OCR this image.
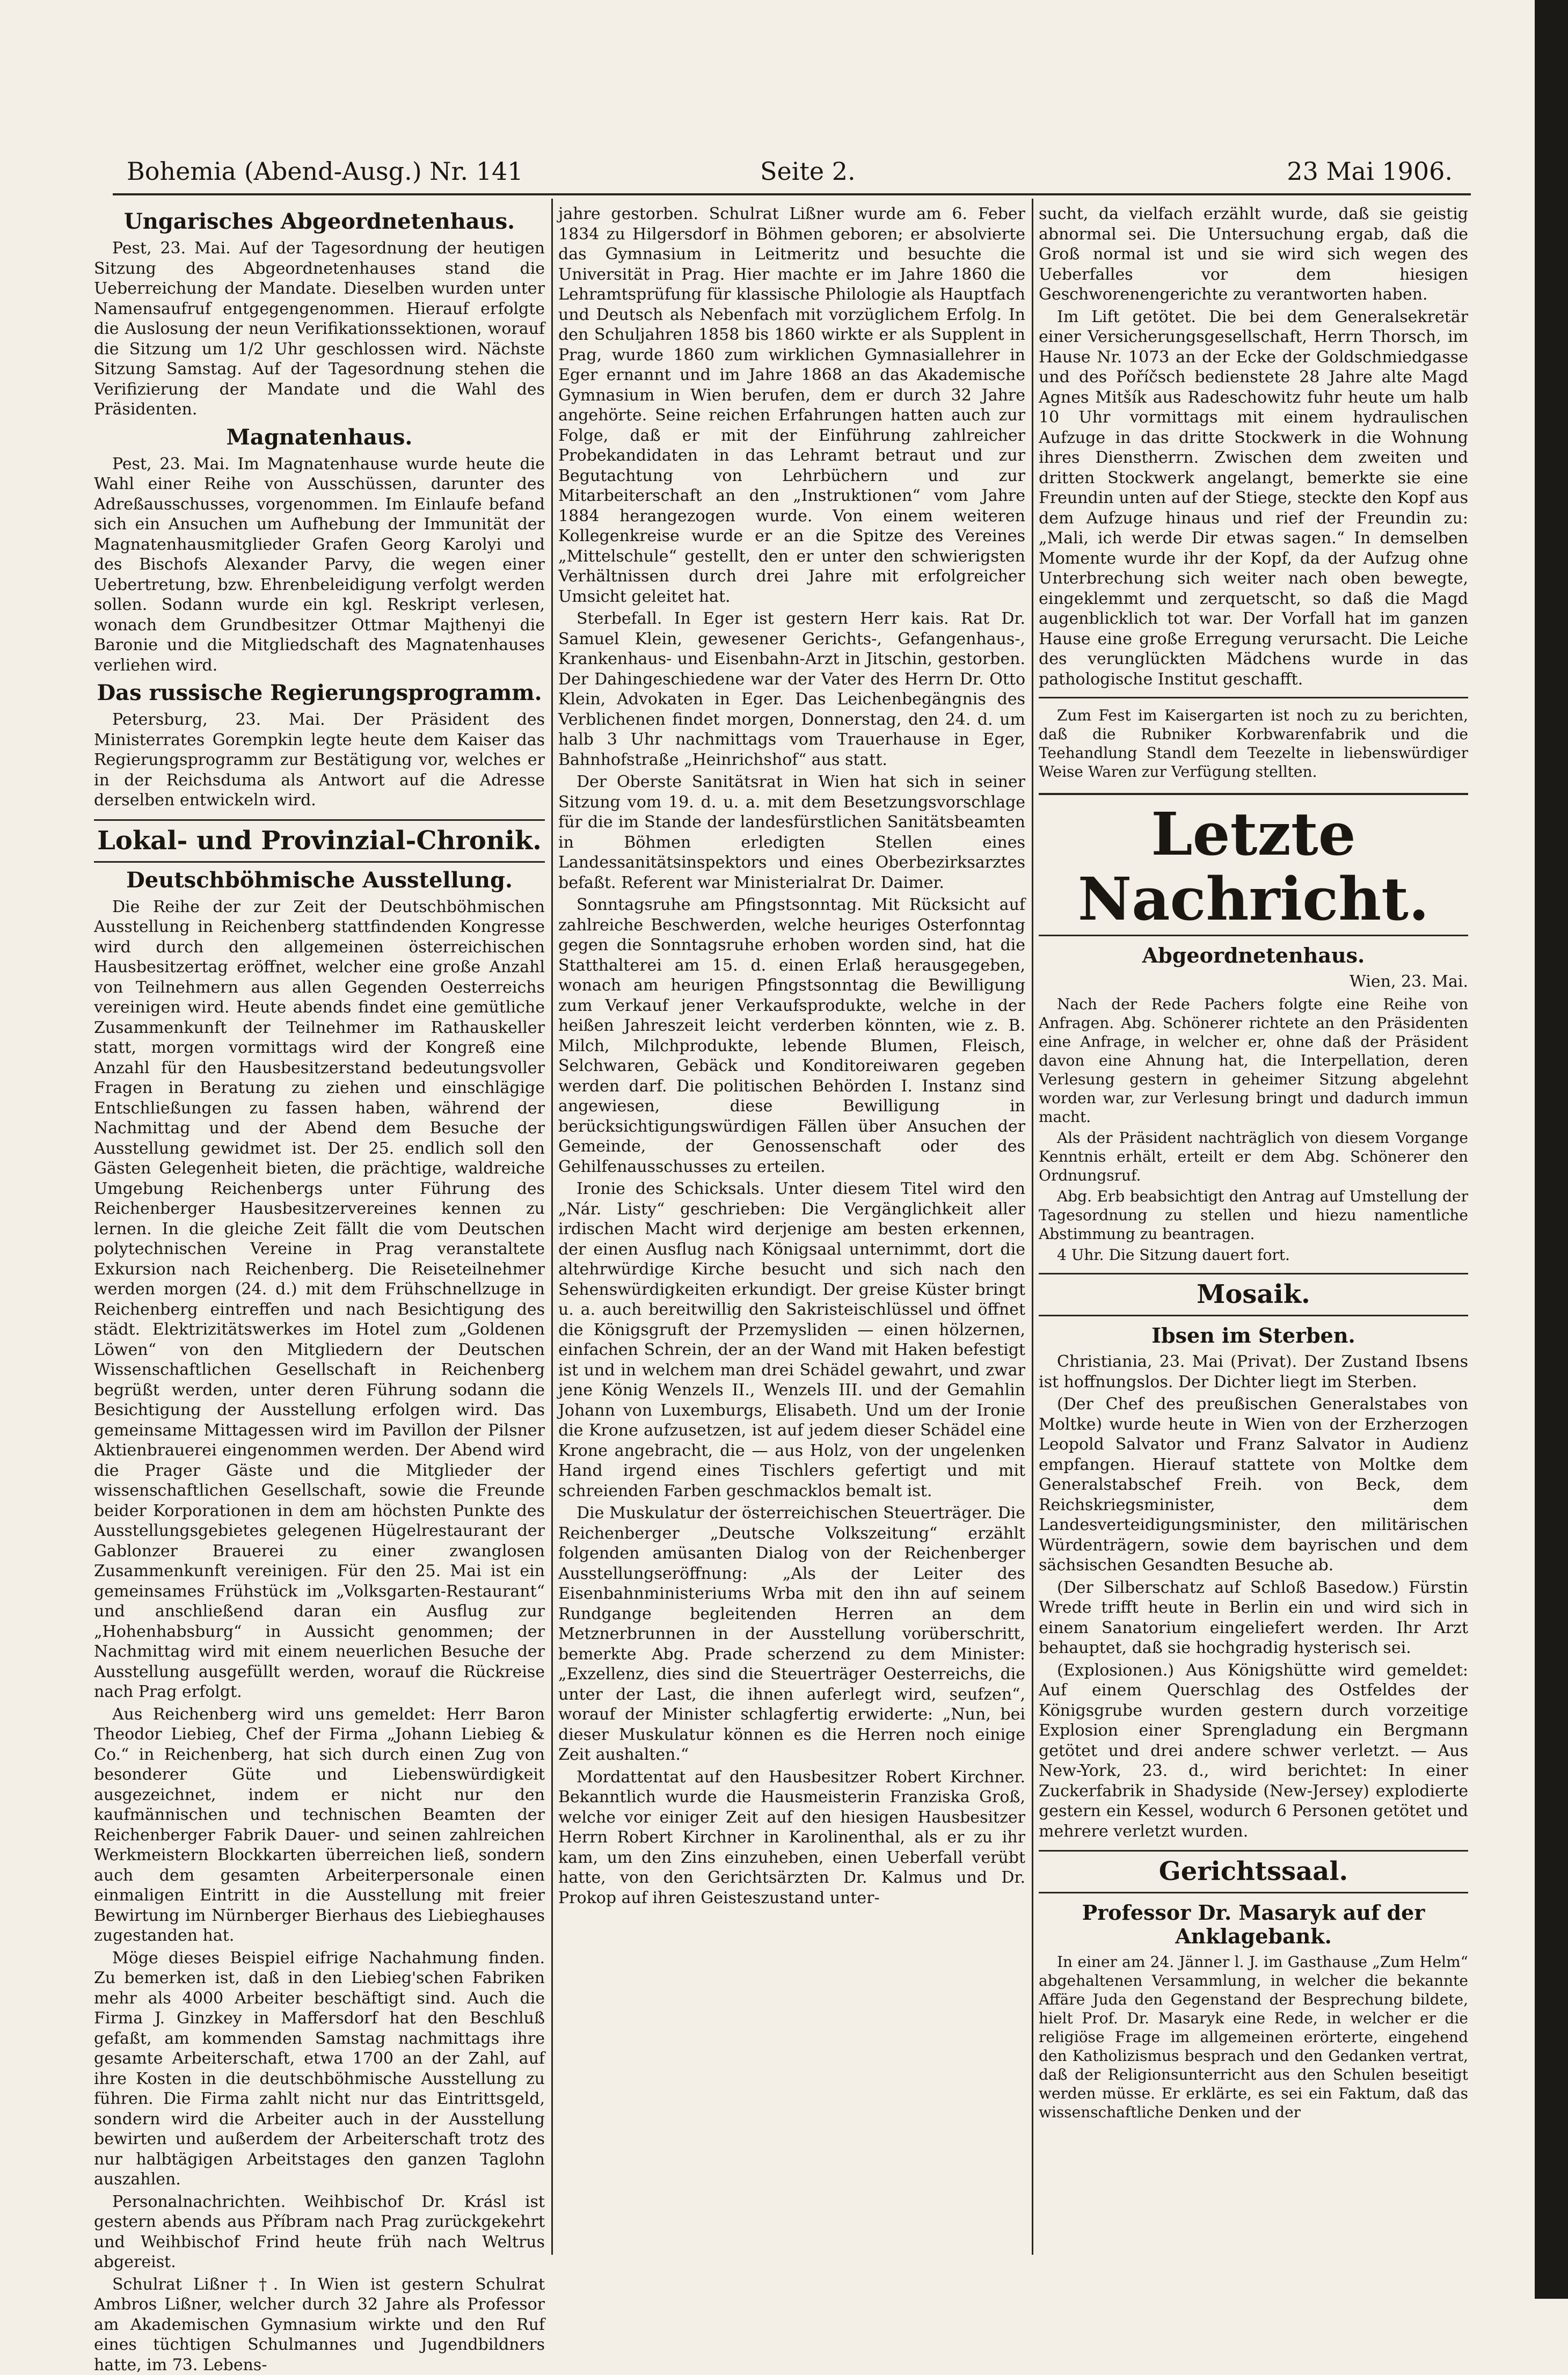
Bohemia (Abend-Ausg.) Nr. 141	Seite 2.	23 Mai 1906.
Ungarisches Abgeordnetenhaus.

Pest, 23. Mai. Auf der Tagesordnung der heutigen Sitzung des Abgeordnetenhauses stand die Ueberreichung der Mandate. Dieselben wurden unter Namensaufruf entgegengenommen. Hierauf erfolgte die Auslosung der neun Verifikationssektionen, worauf die Sitzung um 1/2 Uhr geschlossen wird. Nächste Sitzung Samstag. Auf der Tagesordnung stehen die Verifizierung der Mandate und die Wahl des Präsidenten.

Magnatenhaus.

Pest, 23. Mai. Im Magnatenhause wurde heute die Wahl einer Reihe von Ausschüssen, darunter des Adreßausschusses, vorgenommen. Im Einlaufe befand sich ein Ansuchen um Aufhebung der Immunität der Magnatenhausmitglieder Grafen Georg Karolyi und des Bischofs Alexander Parvy, die wegen einer Uebertretung, bzw. Ehrenbeleidigung verfolgt werden sollen. Sodann wurde ein kgl. Reskript verlesen, wonach dem Grundbesitzer Ottmar Majthenyi die Baronie und die Mitgliedschaft des Magnatenhauses verliehen wird.

Das russische Regierungsprogramm.

Petersburg, 23. Mai. Der Präsident des Ministerrates Gorempkin legte heute dem Kaiser das Regierungsprogramm zur Bestätigung vor, welches er in der Reichsduma als Antwort auf die Adresse derselben entwickeln wird.

Lokal- und Provinzial-Chronik.
Deutschböhmische Ausstellung.

Die Reihe der zur Zeit der Deutschböhmischen Ausstellung in Reichenberg stattfindenden Kongresse wird durch den allgemeinen österreichischen Hausbesitzertag eröffnet, welcher eine große Anzahl von Teilnehmern aus allen Gegenden Oesterreichs vereinigen wird. Heute abends findet eine gemütliche Zusammenkunft der Teilnehmer im Rathauskeller statt, morgen vormittags wird der Kongreß eine Anzahl für den Hausbesitzerstand bedeutungsvoller Fragen in Beratung zu ziehen und einschlägige Entschließungen zu fassen haben, während der Nachmittag und der Abend dem Besuche der Ausstellung gewidmet ist. Der 25. endlich soll den Gästen Gelegenheit bieten, die prächtige, waldreiche Umgebung Reichenbergs unter Führung des Reichenberger Hausbesitzervereines kennen zu lernen. In die gleiche Zeit fällt die vom Deutschen polytechnischen Vereine in Prag veranstaltete Exkursion nach Reichenberg. Die Reiseteilnehmer werden morgen (24. d.) mit dem Frühschnellzuge in Reichenberg eintreffen und nach Besichtigung des städt. Elektrizitätswerkes im Hotel zum „Goldenen Löwen“ von den Mitgliedern der Deutschen Wissenschaftlichen Gesellschaft in Reichenberg begrüßt werden, unter deren Führung sodann die Besichtigung der Ausstellung erfolgen wird. Das gemeinsame Mittagessen wird im Pavillon der Pilsner Aktienbrauerei eingenommen werden. Der Abend wird die Prager Gäste und die Mitglieder der wissenschaftlichen Gesellschaft, sowie die Freunde beider Korporationen in dem am höchsten Punkte des Ausstellungsgebietes gelegenen Hügelrestaurant der Gablonzer Brauerei zu einer zwanglosen Zusammenkunft vereinigen. Für den 25. Mai ist ein gemeinsames Frühstück im „Volksgarten-Restaurant“ und anschließend daran ein Ausflug zur „Hohenhabsburg“ in Aussicht genommen; der Nachmittag wird mit einem neuerlichen Besuche der Ausstellung ausgefüllt werden, worauf die Rückreise nach Prag erfolgt.

Aus Reichenberg wird uns gemeldet: Herr Baron Theodor Liebieg, Chef der Firma „Johann Liebieg & Co.“ in Reichenberg, hat sich durch einen Zug von besonderer Güte und Liebenswürdigkeit ausgezeichnet, indem er nicht nur den kaufmännischen und technischen Beamten der Reichenberger Fabrik Dauer- und seinen zahlreichen Werkmeistern Blockkarten überreichen ließ, sondern auch dem gesamten Arbeiterpersonale einen einmaligen Eintritt in die Ausstellung mit freier Bewirtung im Nürnberger Bierhaus des Liebieghauses zugestanden hat.

Möge dieses Beispiel eifrige Nachahmung finden. Zu bemerken ist, daß in den Liebieg'schen Fabriken mehr als 4000 Arbeiter beschäftigt sind. Auch die Firma J. Ginzkey in Maffersdorf hat den Beschluß gefaßt, am kommenden Samstag nachmittags ihre gesamte Arbeiterschaft, etwa 1700 an der Zahl, auf ihre Kosten in die deutschböhmische Ausstellung zu führen. Die Firma zahlt nicht nur das Eintrittsgeld, sondern wird die Arbeiter auch in der Ausstellung bewirten und außerdem der Arbeiterschaft trotz des nur halbtägigen Arbeitstages den ganzen Taglohn auszahlen.

Personalnachrichten. Weihbischof Dr. Krásl ist gestern abends aus Příbram nach Prag zurückgekehrt und Weihbischof Frind heute früh nach Weltrus abgereist.

Schulrat Lißner †. In Wien ist gestern Schulrat Ambros Lißner, welcher durch 32 Jahre als Professor am Akademischen Gymnasium wirkte und den Ruf eines tüchtigen Schulmannes und Jugendbildners hatte, im 73. Lebens-

jahre gestorben. Schulrat Lißner wurde am 6. Feber 1834 zu Hilgersdorf in Böhmen geboren; er absolvierte das Gymnasium in Leitmeritz und besuchte die Universität in Prag. Hier machte er im Jahre 1860 die Lehramtsprüfung für klassische Philologie als Hauptfach und Deutsch als Nebenfach mit vorzüglichem Erfolg. In den Schuljahren 1858 bis 1860 wirkte er als Supplent in Prag, wurde 1860 zum wirklichen Gymnasiallehrer in Eger ernannt und im Jahre 1868 an das Akademische Gymnasium in Wien berufen, dem er durch 32 Jahre angehörte. Seine reichen Erfahrungen hatten auch zur Folge, daß er mit der Einführung zahlreicher Probekandidaten in das Lehramt betraut und zur Begutachtung von Lehrbüchern und zur Mitarbeiterschaft an den „Instruktionen“ vom Jahre 1884 herangezogen wurde. Von einem weiteren Kollegenkreise wurde er an die Spitze des Vereines „Mittelschule“ gestellt, den er unter den schwierigsten Verhältnissen durch drei Jahre mit erfolgreicher Umsicht geleitet hat.

Sterbefall. In Eger ist gestern Herr kais. Rat Dr. Samuel Klein, gewesener Gerichts-, Gefangenhaus-, Krankenhaus- und Eisenbahn-Arzt in Jitschin, gestorben. Der Dahingeschiedene war der Vater des Herrn Dr. Otto Klein, Advokaten in Eger. Das Leichenbegängnis des Verblichenen findet morgen, Donnerstag, den 24. d. um halb 3 Uhr nachmittags vom Trauerhause in Eger, Bahnhofstraße „Heinrichshof“ aus statt.

Der Oberste Sanitätsrat in Wien hat sich in seiner Sitzung vom 19. d. u. a. mit dem Besetzungsvorschlage für die im Stande der landesfürstlichen Sanitätsbeamten in Böhmen erledigten Stellen eines Landessanitätsinspektors und eines Oberbezirksarztes befaßt. Referent war Ministerialrat Dr. Daimer.

Sonntagsruhe am Pfingstsonntag. Mit Rücksicht auf zahlreiche Beschwerden, welche heuriges Osterfonntag gegen die Sonntagsruhe erhoben worden sind, hat die Statthalterei am 15. d. einen Erlaß herausgegeben, wonach am heurigen Pfingstsonntag die Bewilligung zum Verkauf jener Verkaufsprodukte, welche in der heißen Jahreszeit leicht verderben könnten, wie z. B. Milch, Milchprodukte, lebende Blumen, Fleisch, Selchwaren, Gebäck und Konditoreiwaren gegeben werden darf. Die politischen Behörden I. Instanz sind angewiesen, diese Bewilligung in berücksichtigungswürdigen Fällen über Ansuchen der Gemeinde, der Genossenschaft oder des Gehilfenausschusses zu erteilen.

Ironie des Schicksals. Unter diesem Titel wird den „Nár. Listy“ geschrieben: Die Vergänglichkeit aller irdischen Macht wird derjenige am besten erkennen, der einen Ausflug nach Königsaal unternimmt, dort die altehrwürdige Kirche besucht und sich nach den Sehenswürdigkeiten erkundigt. Der greise Küster bringt u. a. auch bereitwillig den Sakristeischlüssel und öffnet die Königsgruft der Przemysliden — einen hölzernen, einfachen Schrein, der an der Wand mit Haken befestigt ist und in welchem man drei Schädel gewahrt, und zwar jene König Wenzels II., Wenzels III. und der Gemahlin Johann von Luxemburgs, Elisabeth. Und um der Ironie die Krone aufzusetzen, ist auf jedem dieser Schädel eine Krone angebracht, die — aus Holz, von der ungelenken Hand irgend eines Tischlers gefertigt und mit schreienden Farben geschmacklos bemalt ist.

Die Muskulatur der österreichischen Steuerträger. Die Reichenberger „Deutsche Volkszeitung“ erzählt folgenden amüsanten Dialog von der Reichenberger Ausstellungseröffnung: „Als der Leiter des Eisenbahnministeriums Wrba mit den ihn auf seinem Rundgange begleitenden Herren an dem Metznerbrunnen in der Ausstellung vorüberschritt, bemerkte Abg. Prade scherzend zu dem Minister: „Exzellenz, dies sind die Steuerträger Oesterreichs, die unter der Last, die ihnen auferlegt wird, seufzen“, worauf der Minister schlagfertig erwiderte: „Nun, bei dieser Muskulatur können es die Herren noch einige Zeit aushalten.“

Mordattentat auf den Hausbesitzer Robert Kirchner. Bekanntlich wurde die Hausmeisterin Franziska Groß, welche vor einiger Zeit auf den hiesigen Hausbesitzer Herrn Robert Kirchner in Karolinenthal, als er zu ihr kam, um den Zins einzuheben, einen Ueberfall verübt hatte, von den Gerichtsärzten Dr. Kalmus und Dr. Prokop auf ihren Geisteszustand unter-

sucht, da vielfach erzählt wurde, daß sie geistig abnormal sei. Die Untersuchung ergab, daß die Groß normal ist und sie wird sich wegen des Ueberfalles vor dem hiesigen Geschworenengerichte zu verantworten haben.

Im Lift getötet. Die bei dem Generalsekretär einer Versicherungsgesellschaft, Herrn Thorsch, im Hause Nr. 1073 an der Ecke der Goldschmiedgasse und des Poříčsch bedienstete 28 Jahre alte Magd Agnes Mitšík aus Radeschowitz fuhr heute um halb 10 Uhr vormittags mit einem hydraulischen Aufzuge in das dritte Stockwerk in die Wohnung ihres Dienstherrn. Zwischen dem zweiten und dritten Stockwerk angelangt, bemerkte sie eine Freundin unten auf der Stiege, steckte den Kopf aus dem Aufzuge hinaus und rief der Freundin zu: „Mali, ich werde Dir etwas sagen.“ In demselben Momente wurde ihr der Kopf, da der Aufzug ohne Unterbrechung sich weiter nach oben bewegte, eingeklemmt und zerquetscht, so daß die Magd augenblicklich tot war. Der Vorfall hat im ganzen Hause eine große Erregung verursacht. Die Leiche des verunglückten Mädchens wurde in das pathologische Institut geschafft.

Zum Fest im Kaisergarten ist noch zu zu berichten, daß die Rubniker Korbwarenfabrik und die Teehandlung Standl dem Teezelte in liebenswürdiger Weise Waren zur Verfügung stellten.

Letzte Nachricht.
Abgeordnetenhaus.
Wien, 23. Mai.

Nach der Rede Pachers folgte eine Reihe von Anfragen. Abg. Schönerer richtete an den Präsidenten eine Anfrage, in welcher er, ohne daß der Präsident davon eine Ahnung hat, die Interpellation, deren Verlesung gestern in geheimer Sitzung abgelehnt worden war, zur Verlesung bringt und dadurch immun macht.

Als der Präsident nachträglich von diesem Vorgange Kenntnis erhält, erteilt er dem Abg. Schönerer den Ordnungsruf.

Abg. Erb beabsichtigt den Antrag auf Umstellung der Tagesordnung zu stellen und hiezu namentliche Abstimmung zu beantragen.

4 Uhr. Die Sitzung dauert fort.

Mosaik.
Ibsen im Sterben.

Christiania, 23. Mai (Privat). Der Zustand Ibsens ist hoffnungslos. Der Dichter liegt im Sterben.

(Der Chef des preußischen Generalstabes von Moltke) wurde heute in Wien von der Erzherzogen Leopold Salvator und Franz Salvator in Audienz empfangen. Hierauf stattete von Moltke dem Generalstabschef Freih. von Beck, dem Reichskriegsminister, dem Landesverteidigungsminister, den militärischen Würdenträgern, sowie dem bayrischen und dem sächsischen Gesandten Besuche ab.

(Der Silberschatz auf Schloß Basedow.) Fürstin Wrede trifft heute in Berlin ein und wird sich in einem Sanatorium eingeliefert werden. Ihr Arzt behauptet, daß sie hochgradig hysterisch sei.

(Explosionen.) Aus Königshütte wird gemeldet: Auf einem Querschlag des Ostfeldes der Königsgrube wurden gestern durch vorzeitige Explosion einer Sprengladung ein Bergmann getötet und drei andere schwer verletzt. — Aus New-York, 23. d., wird berichtet: In einer Zuckerfabrik in Shadyside (New-Jersey) explodierte gestern ein Kessel, wodurch 6 Personen getötet und mehrere verletzt wurden.

Gerichtssaal.
Professor Dr. Masaryk auf der Anklagebank.

In einer am 24. Jänner l. J. im Gasthause „Zum Helm“ abgehaltenen Versammlung, in welcher die bekannte Affäre Juda den Gegenstand der Besprechung bildete, hielt Prof. Dr. Masaryk eine Rede, in welcher er die religiöse Frage im allgemeinen erörterte, eingehend den Katholizismus besprach und den Gedanken vertrat, daß der Religionsunterricht aus den Schulen beseitigt werden müsse. Er erklärte, es sei ein Faktum, daß das wissenschaftliche Denken und der
